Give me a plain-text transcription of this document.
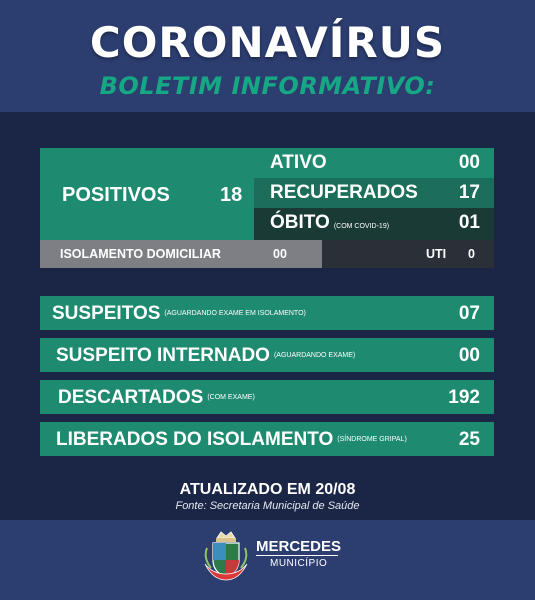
CORONAVÍRUS
BOLETIM INFORMATIVO:
POSITIVOS	18
ATIVO	00
RECUPERADOS 17
ÓBITO (COM COVID-19)	01
ISOLAMENTO DOMICILIAR	00	UTI 0
SUSPEITOS (AGUARDANDO EXAME EM ISOLAMENTO)	07
SUSPEITO INTERNADO (AGUARDANDO EXAME)	00
DESCARTADOS (COM EXAME)	192
LIBERADOS DO ISOLAMENTO (SÍNDROME GRIPAL)	25
ATUALIZADO EM 20/08
Fonte: Secretaria Municipal de Saúde
MERCEDES
MUNICÍPIO
